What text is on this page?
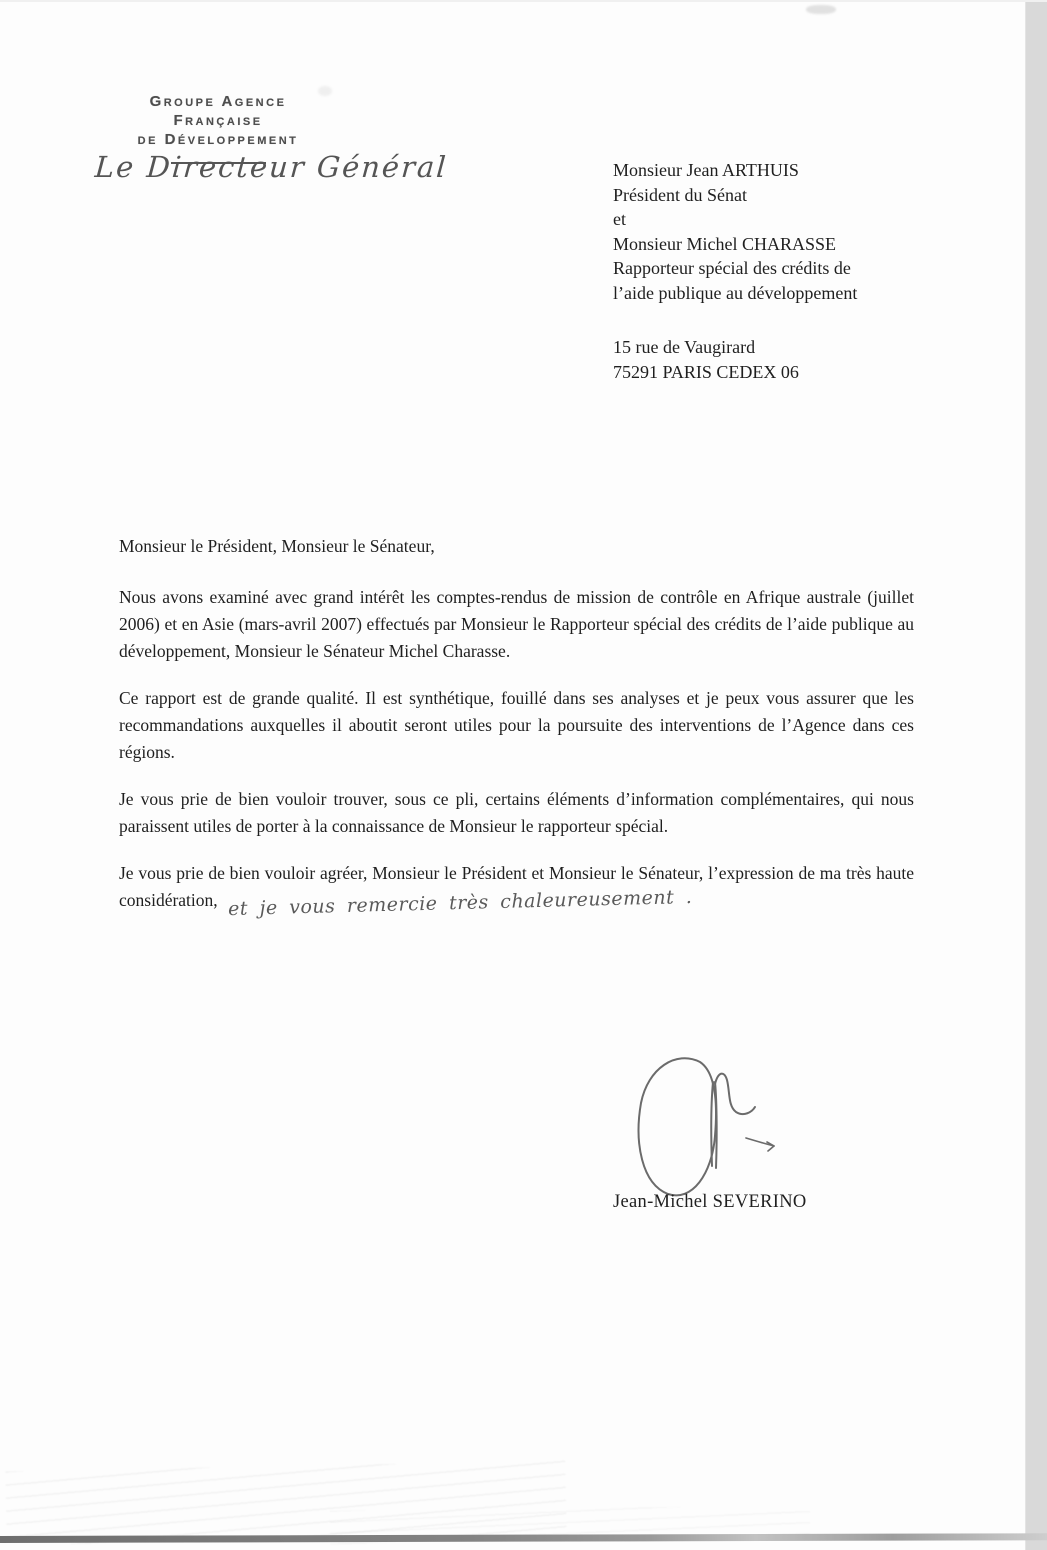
Groupe Agence Française
de Développement
Le Directeur Général	Monsieur Jean ARTHUIS
Président du Sénat
et
Monsieur Michel CHARASSE
Rapporteur spécial des crédits de
l’aide publique au développement
15 rue de Vaugirard
75291 PARIS CEDEX 06
Monsieur le Président, Monsieur le Sénateur,

Nous avons examiné avec grand intérêt les comptes-rendus de mission de contrôle en Afrique australe (juillet 2006) et en Asie (mars-avril 2007) effectués par Monsieur le Rapporteur spécial des crédits de l’aide publique au développement, Monsieur le Sénateur Michel Charasse.

Ce rapport est de grande qualité. Il est synthétique, fouillé dans ses analyses et je peux vous assurer que les recommandations auxquelles il aboutit seront utiles pour la poursuite des interventions de l’Agence dans ces régions.

Je vous prie de bien vouloir trouver, sous ce pli, certains éléments d’information complémentaires, qui nous paraissent utiles de porter à la connaissance de Monsieur le rapporteur spécial.

Je vous prie de bien vouloir agréer, Monsieur le Président et Monsieur le Sénateur, l’expression de ma très haute considération, et je vous remercie très chaleureusement .

Jean-Michel SEVERINO
